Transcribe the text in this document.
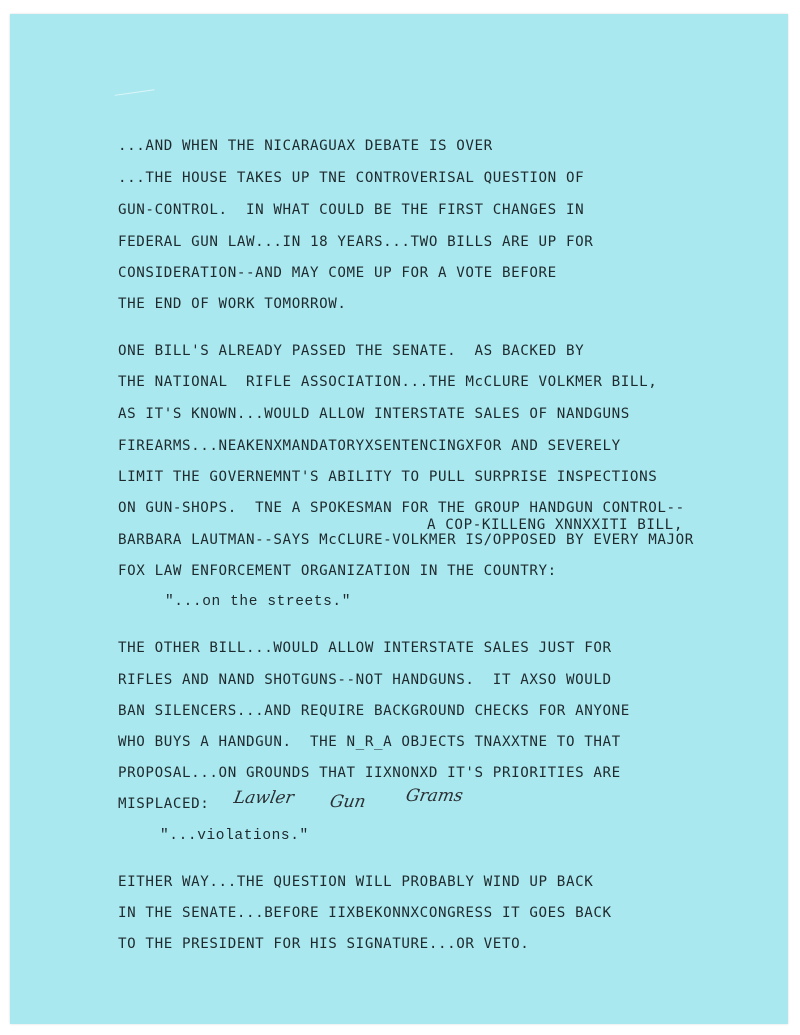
...AND WHEN THE NICARAGUAX DEBATE IS OVER
...THE HOUSE TAKES UP TNE CONTROVERISAL QUESTION OF
GUN-CONTROL.  IN WHAT COULD BE THE FIRST CHANGES IN
FEDERAL GUN LAW...IN 18 YEARS...TWO BILLS ARE UP FOR
CONSIDERATION--AND MAY COME UP FOR A VOTE BEFORE
THE END OF WORK TOMORROW.
ONE BILL'S ALREADY PASSED THE SENATE.  AS BACKED BY
THE NATIONAL  RIFLE ASSOCIATION...THE McCLURE VOLKMER BILL,
AS IT'S KNOWN...WOULD ALLOW INTERSTATE SALES OF NANDGUNS
FIREARMS...NEAKENXMANDATORYXSENTENCINGXFOR AND SEVERELY
LIMIT THE GOVERNEMNT'S ABILITY TO PULL SURPRISE INSPECTIONS
ON GUN-SHOPS.  TNE A SPOKESMAN FOR THE GROUP HANDGUN CONTROL--
A COP-KILLENG XNNXXITI BILL,
BARBARA LAUTMAN--SAYS McCLURE-VOLKMER IS/OPPOSED BY EVERY MAJOR
FOX LAW ENFORCEMENT ORGANIZATION IN THE COUNTRY:
"...on the streets."
THE OTHER BILL...WOULD ALLOW INTERSTATE SALES JUST FOR
RIFLES AND NAND SHOTGUNS--NOT HANDGUNS.  IT AXSO WOULD
BAN SILENCERS...AND REQUIRE BACKGROUND CHECKS FOR ANYONE
WHO BUYS A HANDGUN.  THE N_R_A OBJECTS TNAXXTNE TO THAT
PROPOSAL...ON GROUNDS THAT IIXNONXD IT'S PRIORITIES ARE
MISPLACED: Lawler Gun Grams
"...violations."
EITHER WAY...THE QUESTION WILL PROBABLY WIND UP BACK
IN THE SENATE...BEFORE IIXBEKONNXCONGRESS IT GOES BACK
TO THE PRESIDENT FOR HIS SIGNATURE...OR VETO.
